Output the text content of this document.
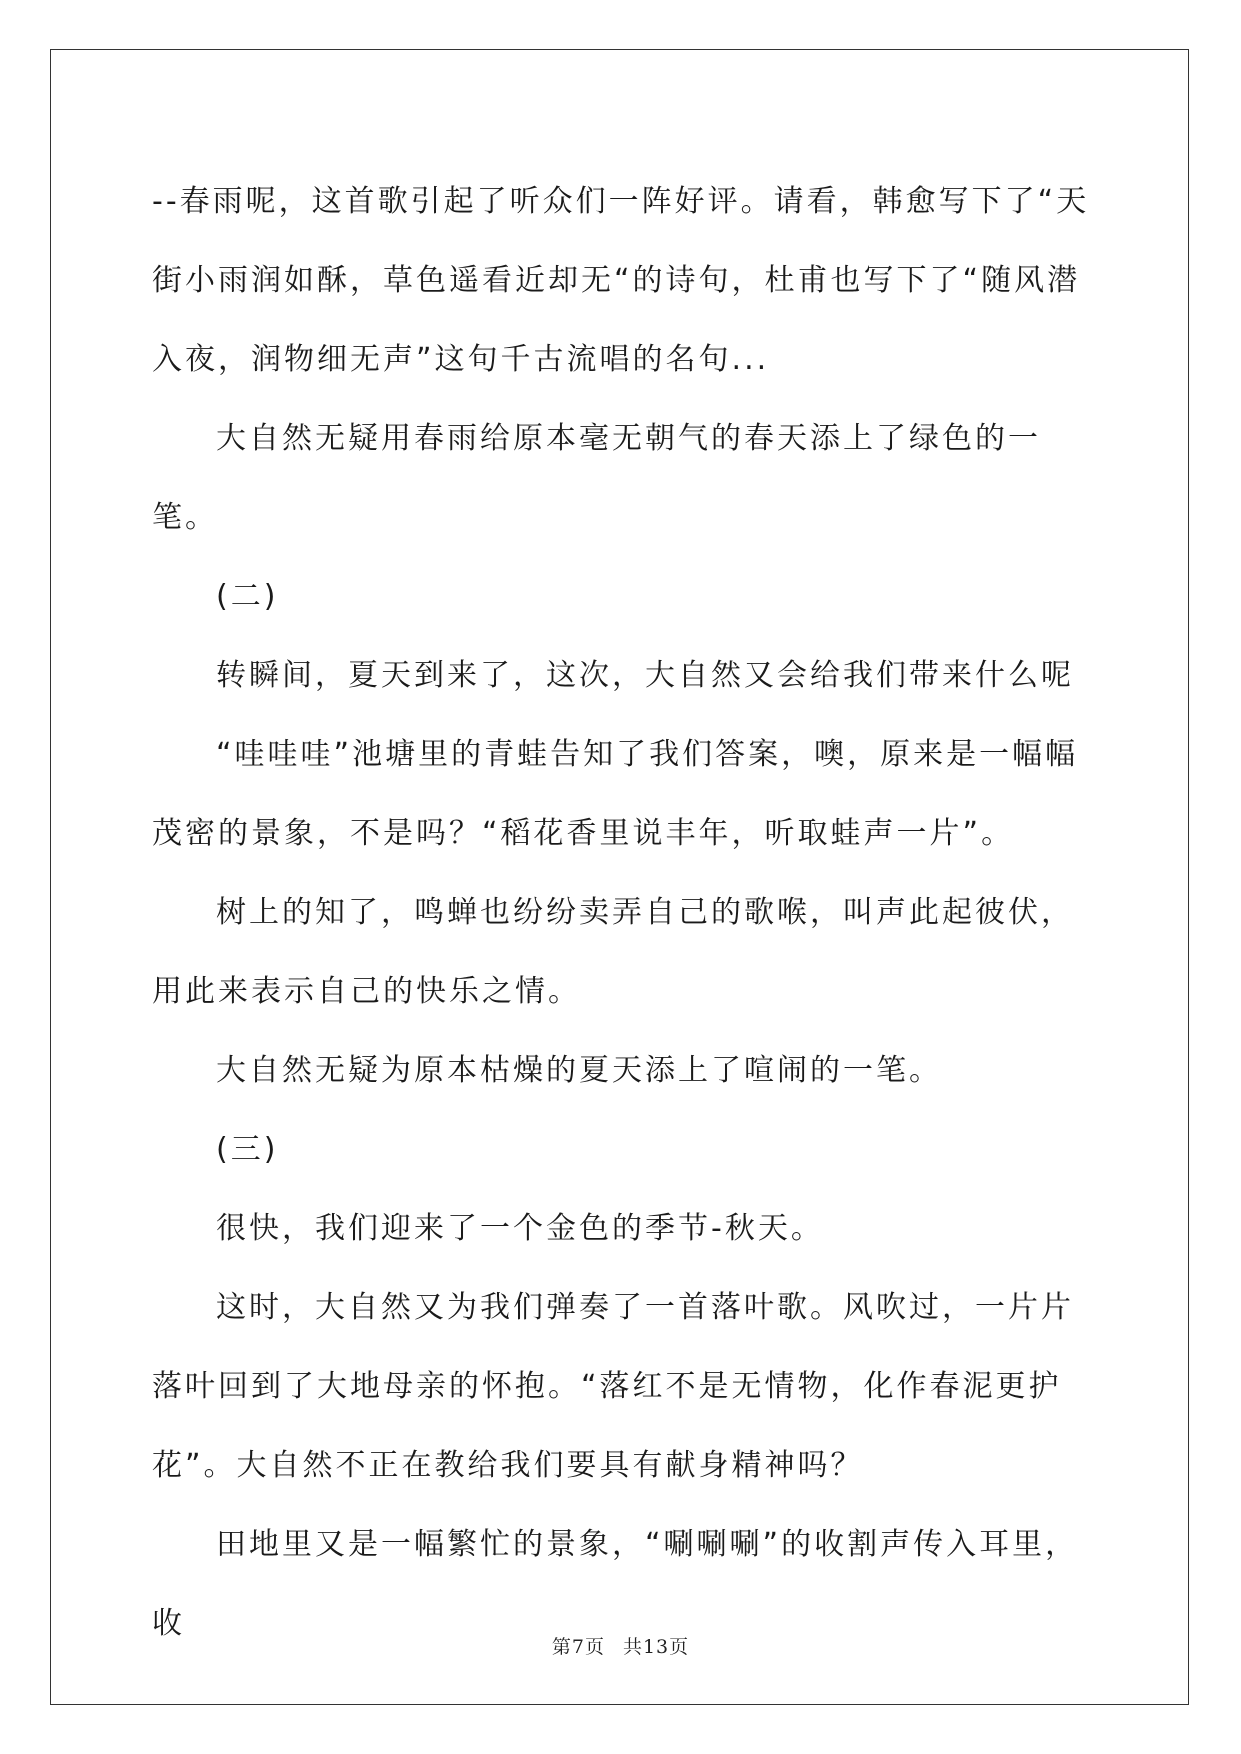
--春雨呢，这首歌引起了听众们一阵好评。请看，韩愈写下了“天街小雨润如酥，草色遥看近却无“的诗句，杜甫也写下了“随风潜入夜，润物细无声”这句千古流唱的名句...

大自然无疑用春雨给原本毫无朝气的春天添上了绿色的一笔。

(二)

转瞬间，夏天到来了，这次，大自然又会给我们带来什么呢

“哇哇哇”池塘里的青蛙告知了我们答案，噢，原来是一幅幅茂密的景象，不是吗？“稻花香里说丰年，听取蛙声一片”。

树上的知了，鸣蝉也纷纷卖弄自己的歌喉，叫声此起彼伏，用此来表示自己的快乐之情。

大自然无疑为原本枯燥的夏天添上了喧闹的一笔。

(三)

很快，我们迎来了一个金色的季节-秋天。

这时，大自然又为我们弹奏了一首落叶歌。风吹过，一片片落叶回到了大地母亲的怀抱。“落红不是无情物，化作春泥更护花”。大自然不正在教给我们要具有献身精神吗？

田地里又是一幅繁忙的景象，“唰唰唰”的收割声传入耳里，收

第7页 共13页
